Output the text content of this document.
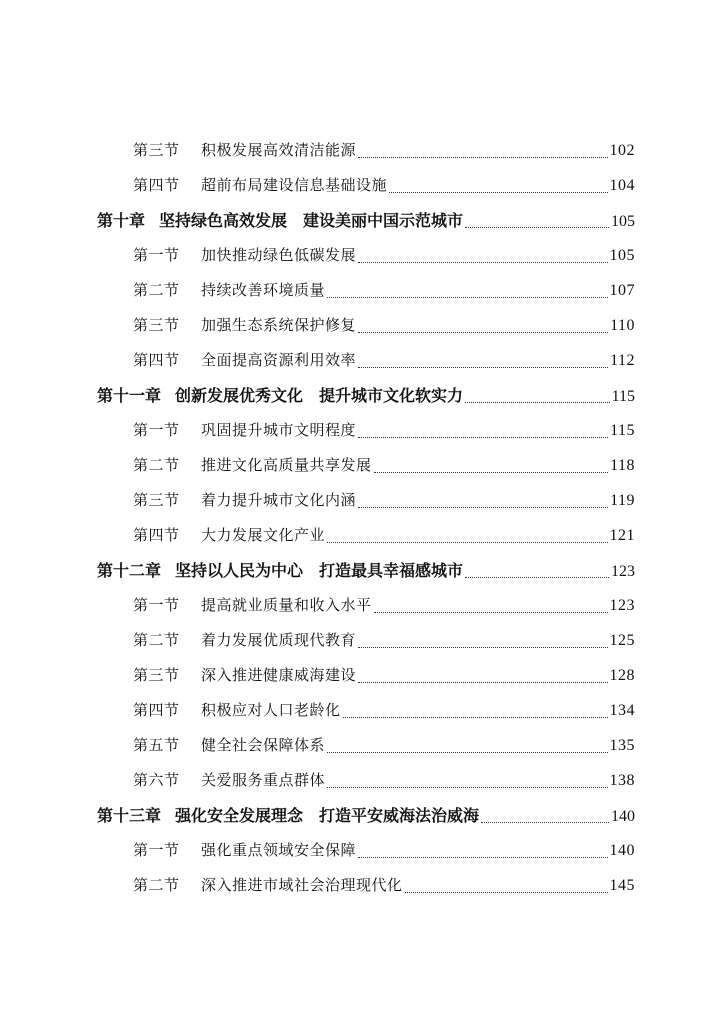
第三节	积极发展高效清洁能源	102
第四节	超前布局建设信息基础设施	104
第十章 坚持绿色高效发展　建设美丽中国示范城市	105
第一节	加快推动绿色低碳发展	105
第二节	持续改善环境质量	107
第三节	加强生态系统保护修复	110
第四节	全面提高资源利用效率	112
第十一章 创新发展优秀文化　提升城市文化软实力	115
第一节	巩固提升城市文明程度	115
第二节	推进文化高质量共享发展	118
第三节	着力提升城市文化内涵	119
第四节	大力发展文化产业	121
第十二章 坚持以人民为中心　打造最具幸福感城市	123
第一节	提高就业质量和收入水平	123
第二节	着力发展优质现代教育	125
第三节	深入推进健康威海建设	128
第四节	积极应对人口老龄化	134
第五节	健全社会保障体系	135
第六节	关爱服务重点群体	138
第十三章 强化安全发展理念　打造平安威海法治威海	140
第一节	强化重点领域安全保障	140
第二节	深入推进市域社会治理现代化	145
